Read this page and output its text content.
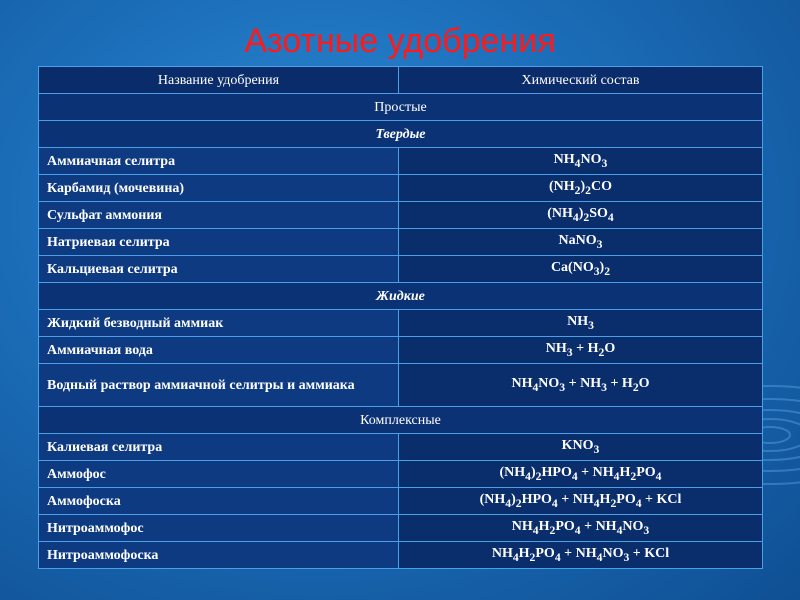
Азотные удобрения
Название удобрения	Химический состав
Простые	
Твердые	
Аммиачная селитра	$NH_4NO_3$
Карбамид (мочевина)	$(NH_2)_2CO$
Сульфат аммония	$(NH_4)_2SO_4$
Натриевая селитра	NaNO$_3$
Кальциевая селитра	$Ca(NO_3)_2$
Жидкие	
Жидкий безводный аммиак	$NH_3$
Аммиачная вода	$NH_3 + H_2O$
Водный раствор аммиачной селитры и аммиака	$NH_4NO_3 + NH_3 + H_2O$
Комплексные	
Калиевая селитра	$KNO_3$
Аммофос	$(NH_4)_2HPO_4 + NH_4H_2PO_4$
Аммофоска	$(NH_4)_2HPO_4 + NH_4H_2PO_4$ + KCl
Нитроаммофос	$NH_4H_2PO_4 + NH_4NO_3$
Нитроаммофоска	$NH_4H_2PO_4 + NH_4NO_3$ + KCl
